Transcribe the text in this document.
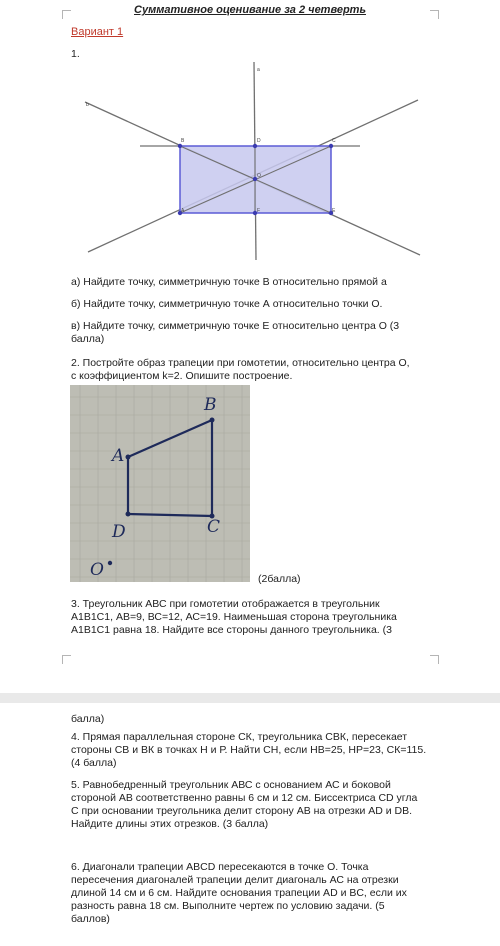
Суммативное оценивание за 2 четверть
Вариант 1
1.
a
b
B	D	C
O
A	F	E
а) Найдите точку, симметричную точке В относительно прямой а
б) Найдите точку, симметричную точке А относительно точки О.
в) Найдите точку, симметричную точке Е относительно центра О (3
балла)
2. Постройте образ трапеции при гомотетии, относительно центра О,
с коэффициентом k=2. Опишите построение.
A
B
C
D
O	(2балла)
3. Треугольник АВС при гомотетии отображается в треугольник
А1В1С1, АВ=9, ВС=12, АС=19. Наименьшая сторона треугольника
А1В1С1 равна 18. Найдите все стороны данного треугольника. (3
балла)
4. Прямая параллельная стороне СК, треугольника СВК, пересекает
стороны СВ и ВК в точках Н и Р. Найти СН, если НВ=25, НР=23, СК=115.
(4 балла)
5. Равнобедренный треугольник АВС с основанием АС и боковой
стороной АВ соответственно равны 6 см и 12 см. Биссектриса CD угла
С при основании треугольника делит сторону АВ на отрезки AD и DB.
Найдите длины этих отрезков. (3 балла)
6. Диагонали трапеции ABCD пересекаются в точке О. Точка
пересечения диагоналей трапеции делит диагональ АС на отрезки
длиной 14 см и 6 см. Найдите основания трапеции AD и BC, если их
разность равна 18 см. Выполните чертеж по условию задачи. (5
баллов)
